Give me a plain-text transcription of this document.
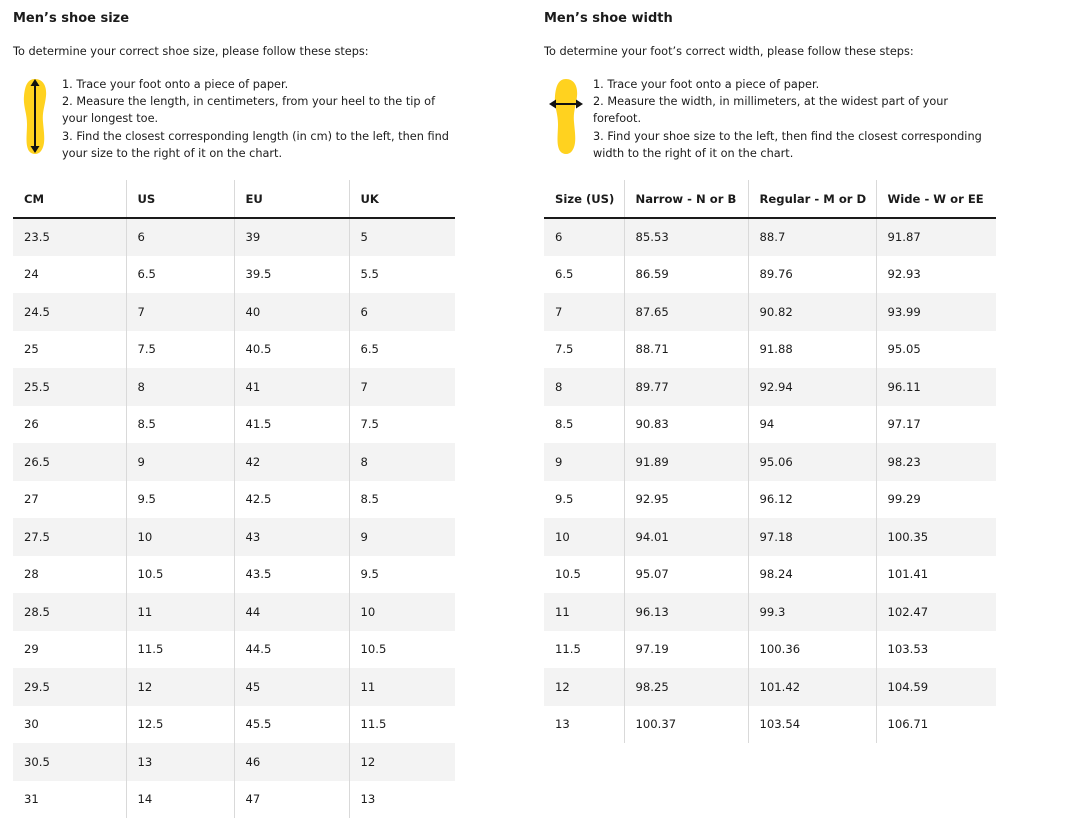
Men’s shoe size
To determine your correct shoe size, please follow these steps:
1. Trace your foot onto a piece of paper.
2. Measure the length, in centimeters, from your heel to the tip of
your longest toe.
3. Find the closest corresponding length (in cm) to the left, then find
your size to the right of it on the chart.
CM	US	EU	UK
23.5	6	39	5
24	6.5	39.5	5.5
24.5	7	40	6
25	7.5	40.5	6.5
25.5	8	41	7
26	8.5	41.5	7.5
26.5	9	42	8
27	9.5	42.5	8.5
27.5	10	43	9
28	10.5	43.5	9.5
28.5	11	44	10
29	11.5	44.5	10.5
29.5	12	45	11
30	12.5	45.5	11.5
30.5	13	46	12
31	14	47	13
Men’s shoe width
To determine your foot’s correct width, please follow these steps:
1. Trace your foot onto a piece of paper.
2. Measure the width, in millimeters, at the widest part of your
forefoot.
3. Find your shoe size to the left, then find the closest corresponding
width to the right of it on the chart.
Size (US)	Narrow - N or B	Regular - M or D	Wide - W or EE
6	85.53	88.7	91.87
6.5	86.59	89.76	92.93
7	87.65	90.82	93.99
7.5	88.71	91.88	95.05
8	89.77	92.94	96.11
8.5	90.83	94	97.17
9	91.89	95.06	98.23
9.5	92.95	96.12	99.29
10	94.01	97.18	100.35
10.5	95.07	98.24	101.41
11	96.13	99.3	102.47
11.5	97.19	100.36	103.53
12	98.25	101.42	104.59
13	100.37	103.54	106.71
